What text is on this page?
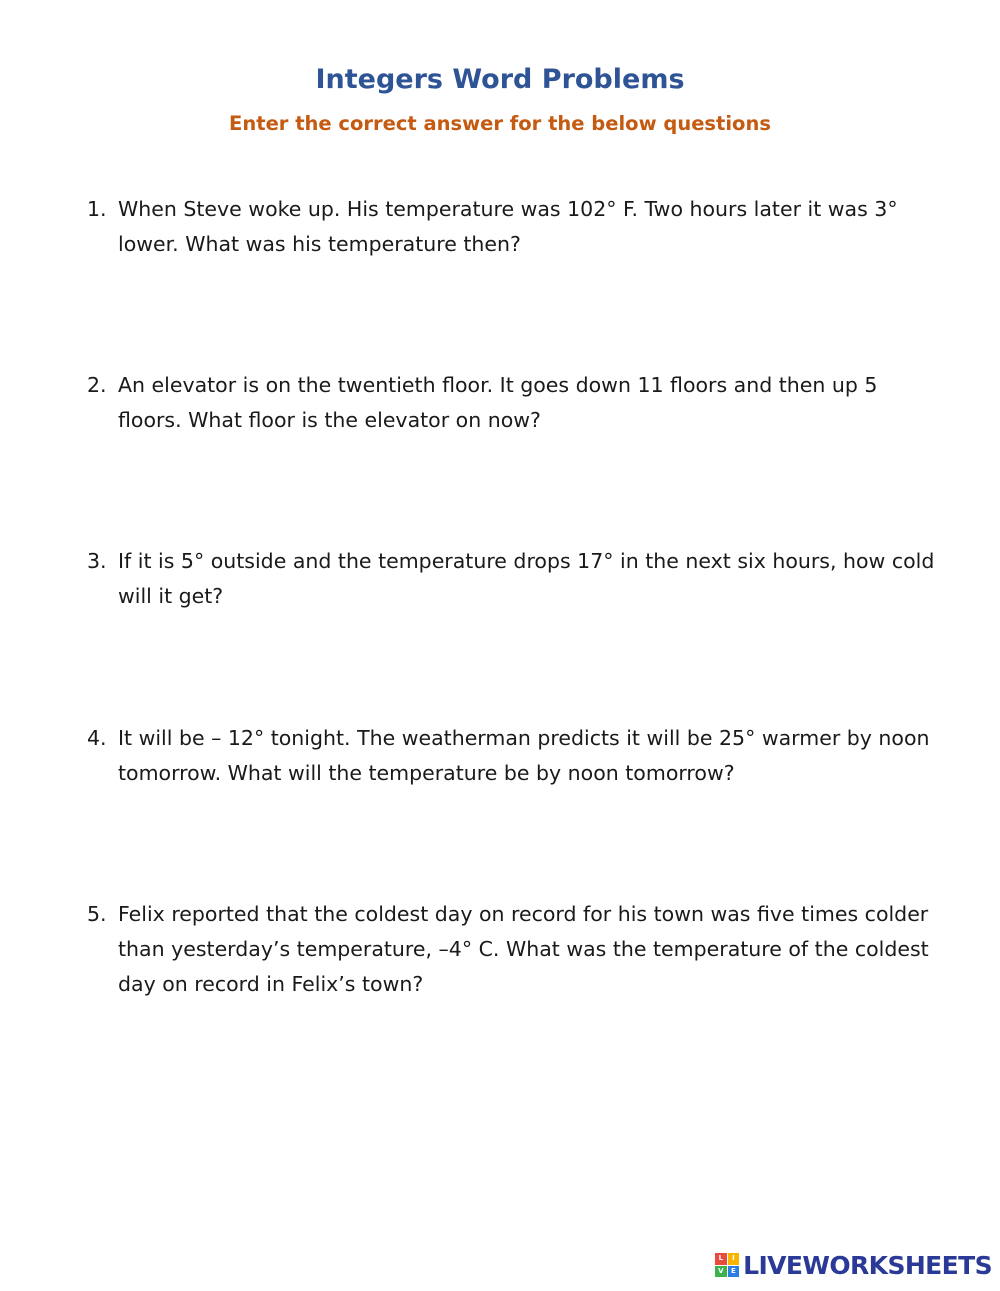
Integers Word Problems
Enter the correct answer for the below questions
1. When Steve woke up. His temperature was 102° F. Two hours later it was 3° lower. What was his temperature then?
2. An elevator is on the twentieth floor. It goes down 11 floors and then up 5 floors. What floor is the elevator on now?
3. If it is 5° outside and the temperature drops 17° in the next six hours, how cold will it get?
4. It will be – 12° tonight. The weatherman predicts it will be 25° warmer by noon tomorrow. What will the temperature be by noon tomorrow?
5. Felix reported that the coldest day on record for his town was five times colder than yesterday’s temperature, –4° C. What was the temperature of the coldest day on record in Felix’s town?
L	I
V	E LIVEWORKSHEETS
